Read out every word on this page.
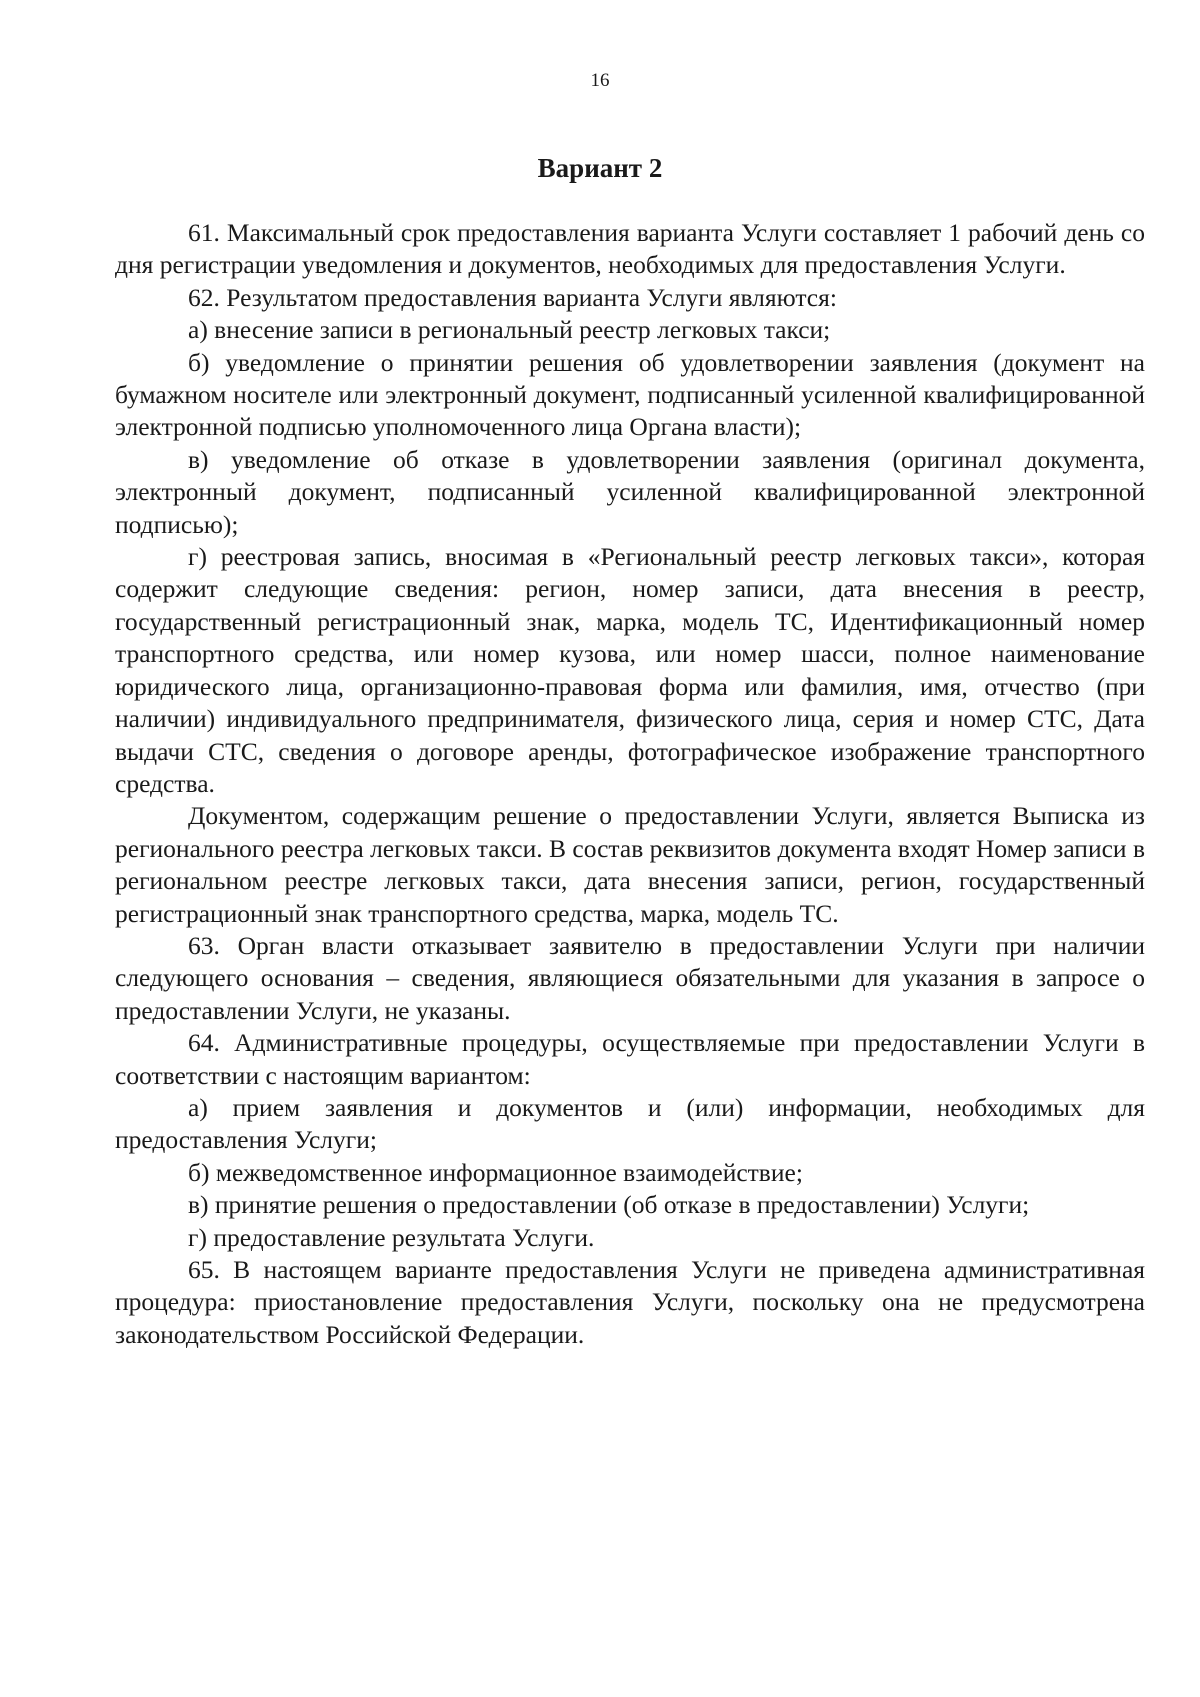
16
Вариант 2

61. Максимальный срок предоставления варианта Услуги составляет 1 рабочий день со дня регистрации уведомления и документов, необходимых для предоставления Услуги.

62. Результатом предоставления варианта Услуги являются:

а) внесение записи в региональный реестр легковых такси;

б) уведомление о принятии решения об удовлетворении заявления (документ на бумажном носителе или электронный документ, подписанный усиленной квалифицированной электронной подписью уполномоченного лица Органа власти);

в) уведомление об отказе в удовлетворении заявления (оригинал документа, электронный документ, подписанный усиленной квалифицированной электронной подписью);

г) реестровая запись, вносимая в «Региональный реестр легковых такси», которая содержит следующие сведения: регион, номер записи, дата внесения в реестр, государственный регистрационный знак, марка, модель ТС, Идентификационный номер транспортного средства, или номер кузова, или номер шасси, полное наименование юридического лица, организационно-правовая форма или фамилия, имя, отчество (при наличии) индивидуального предпринимателя, физического лица, серия и номер СТС, Дата выдачи СТС, сведения о договоре аренды, фотографическое изображение транспортного средства.

Документом, содержащим решение о предоставлении Услуги, является Выписка из регионального реестра легковых такси. В состав реквизитов документа входят Номер записи в региональном реестре легковых такси, дата внесения записи, регион, государственный регистрационный знак транспортного средства, марка, модель ТС.

63. Орган власти отказывает заявителю в предоставлении Услуги при наличии следующего основания – сведения, являющиеся обязательными для указания в запросе о предоставлении Услуги, не указаны.

64. Административные процедуры, осуществляемые при предоставлении Услуги в соответствии с настоящим вариантом:

а) прием заявления и документов и (или) информации, необходимых для предоставления Услуги;

б) межведомственное информационное взаимодействие;

в) принятие решения о предоставлении (об отказе в предоставлении) Услуги;

г) предоставление результата Услуги.

65. В настоящем варианте предоставления Услуги не приведена административная процедура: приостановление предоставления Услуги, поскольку она не предусмотрена законодательством Российской Федерации.
